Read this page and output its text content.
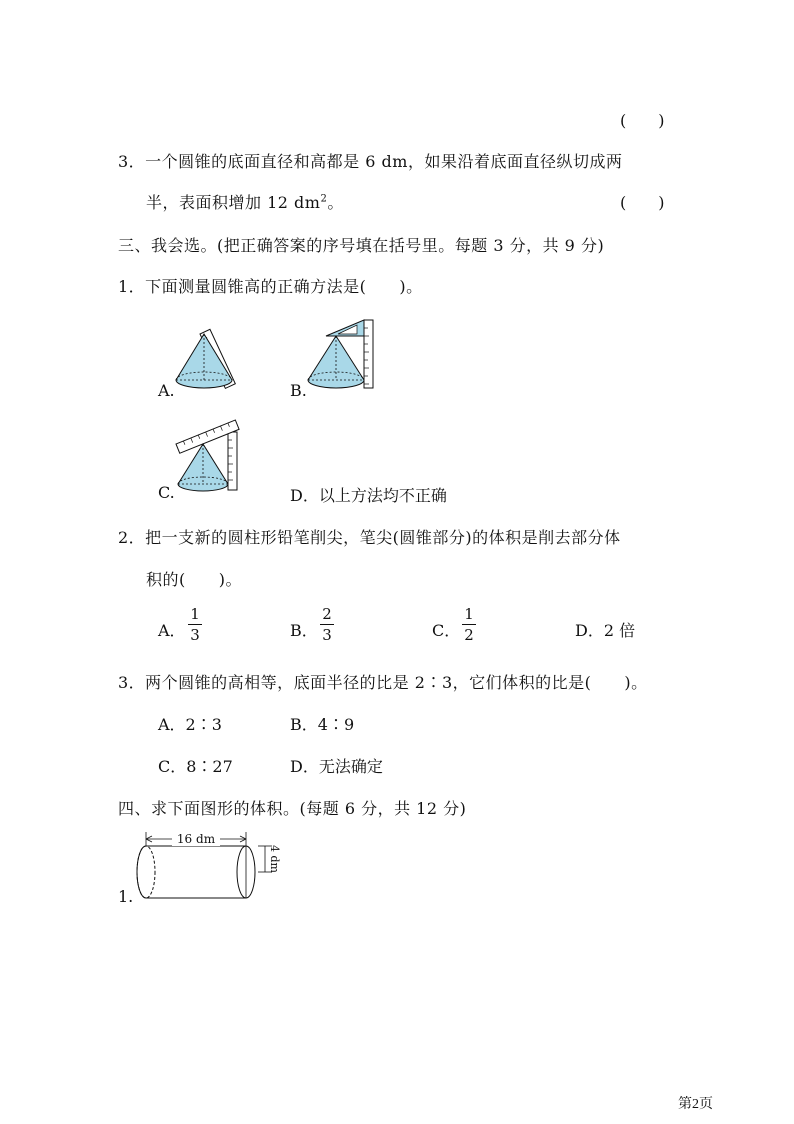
(　　)
3．一个圆锥的底面直径和高都是 6 dm，如果沿着底面直径纵切成两
半，表面积增加 12 $dm^2$。	(　　)
三、我会选。(把正确答案的序号填在括号里。每题 3 分，共 9 分)
1．下面测量圆锥高的正确方法是(　　)。
A.	B.
C.	D．以上方法均不正确
2．把一支新的圆柱形铅笔削尖，笔尖(圆锥部分)的体积是削去部分体
积的(　　)。
A．
1
3	B．
2
3	C．
1
2	D．2 倍
3．两个圆锥的高相等，底面半径的比是 2∶3，它们体积的比是(　　)。
A．2∶3	B．4∶9
C．8∶27	D．无法确定
四、求下面图形的体积。(每题 6 分，共 12 分)
16 dm
4 dm
1.
第2页
